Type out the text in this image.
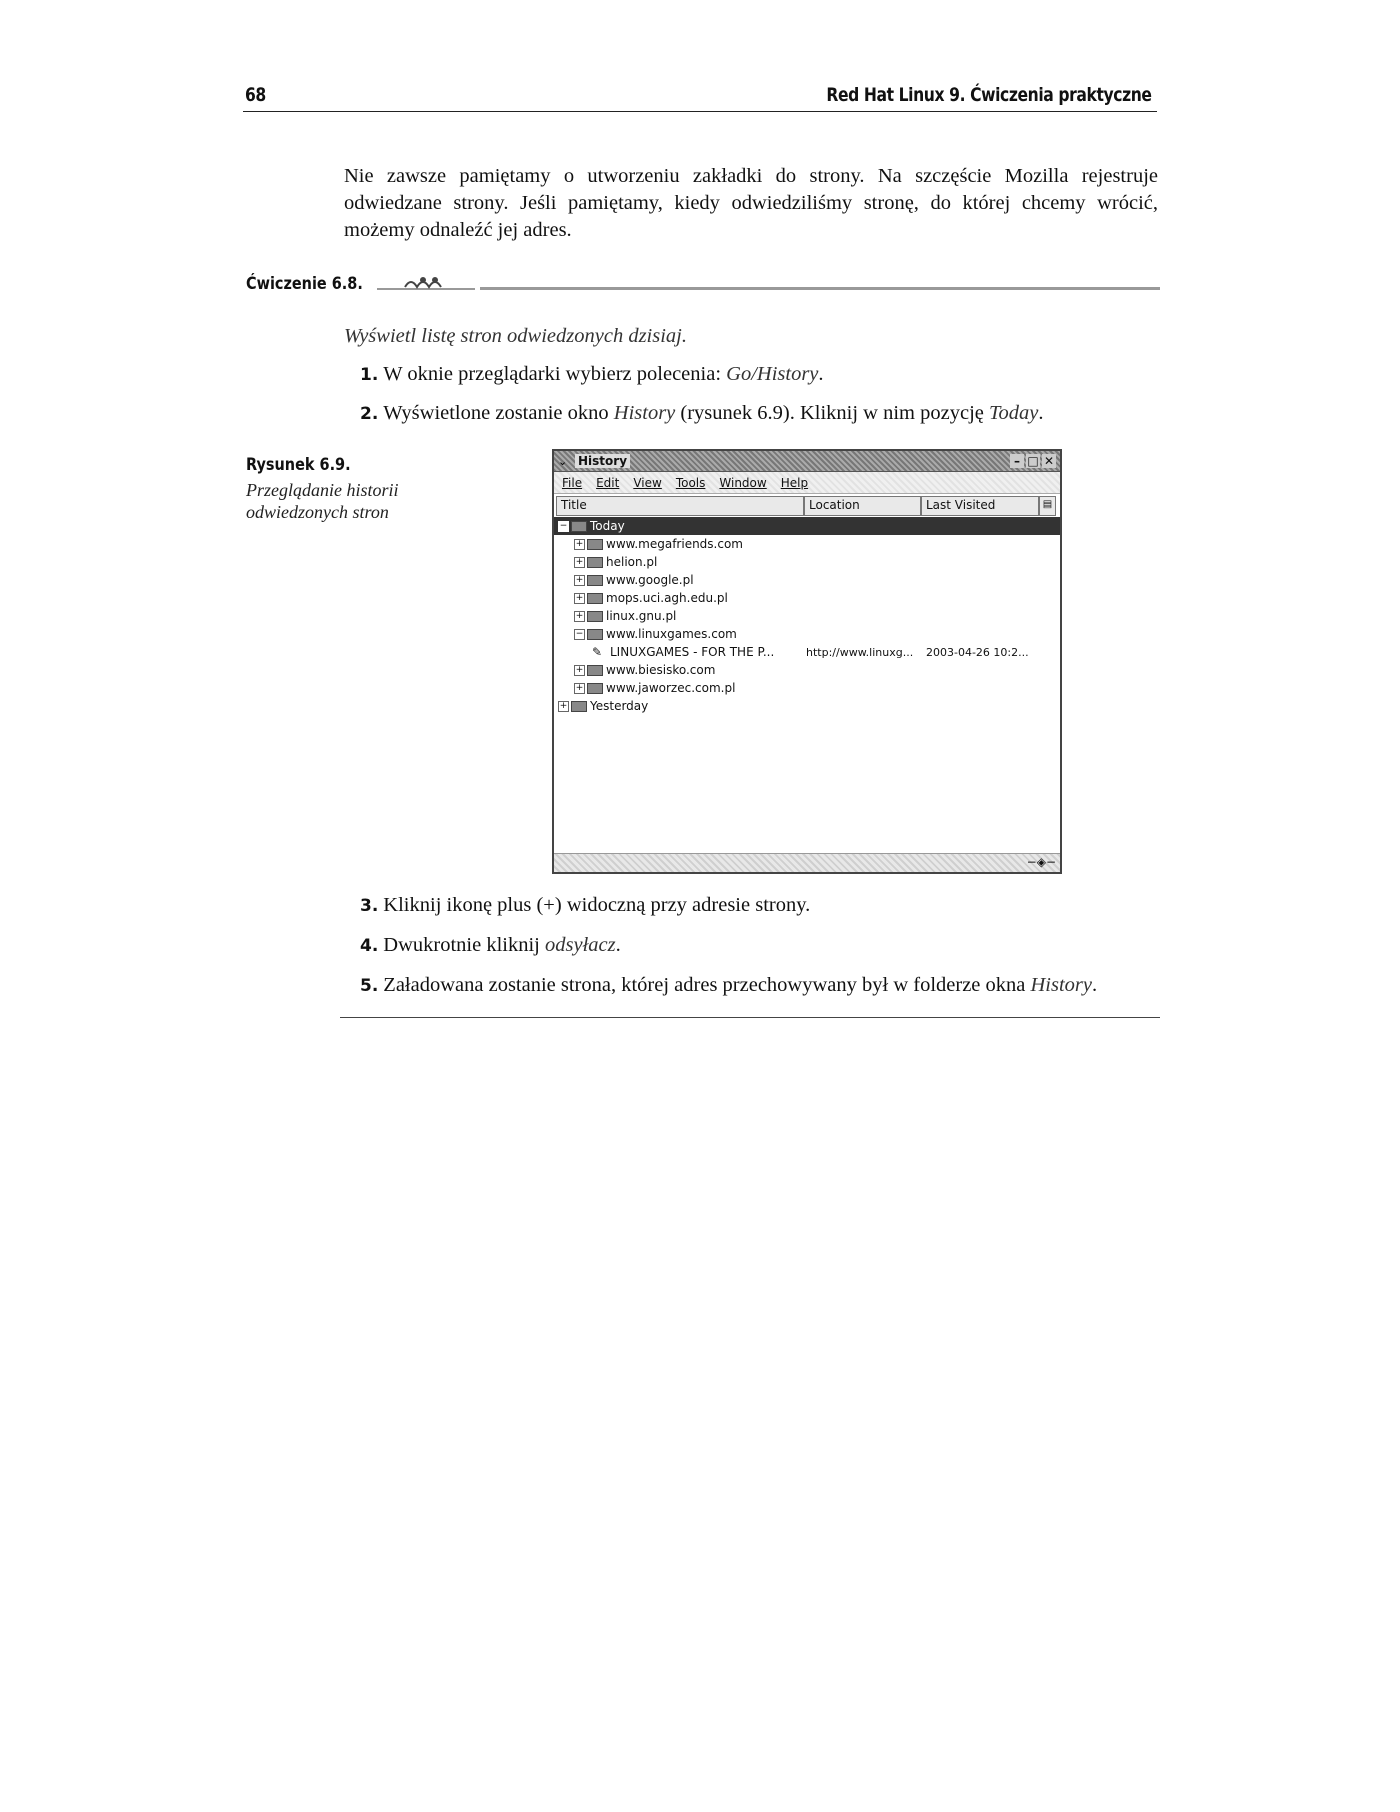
68	Red Hat Linux 9. Ćwiczenia praktyczne

Nie zawsze pamiętamy o utworzeniu zakładki do strony. Na szczęście Mozilla rejestruje odwiedzane strony. Jeśli pamiętamy, kiedy odwiedziliśmy stronę, do której chcemy wrócić, możemy odnaleźć jej adres.

Ćwiczenie 6.8.
Wyświetl listę stron odwiedzonych dzisiaj.
1. W oknie przeglądarki wybierz polecenia: Go/History.
2. Wyświetlone zostanie okno History (rysunek 6.9). Kliknij w nim pozycję Today.
Rysunek 6.9.
Przeglądanie historii odwiedzonych stron
⌄ History	– □ ✕
File Edit View Tools Window Help
Title	Location	Last Visited	▤
− Today
+ www.megafriends.com
+ helion.pl
+ www.google.pl
+ mops.uci.agh.edu.pl
+ linux.gnu.pl
− www.linuxgames.com
✎ LINUXGAMES - FOR THE P...	http://www.linuxg... 2003-04-26 10:2...
+ www.biesisko.com
+ www.jaworzec.com.pl
+ Yesterday
−◈−
3. Kliknij ikonę plus (+) widoczną przy adresie strony.
4. Dwukrotnie kliknij odsyłacz.
5. Załadowana zostanie strona, której adres przechowywany był w folderze okna History.
